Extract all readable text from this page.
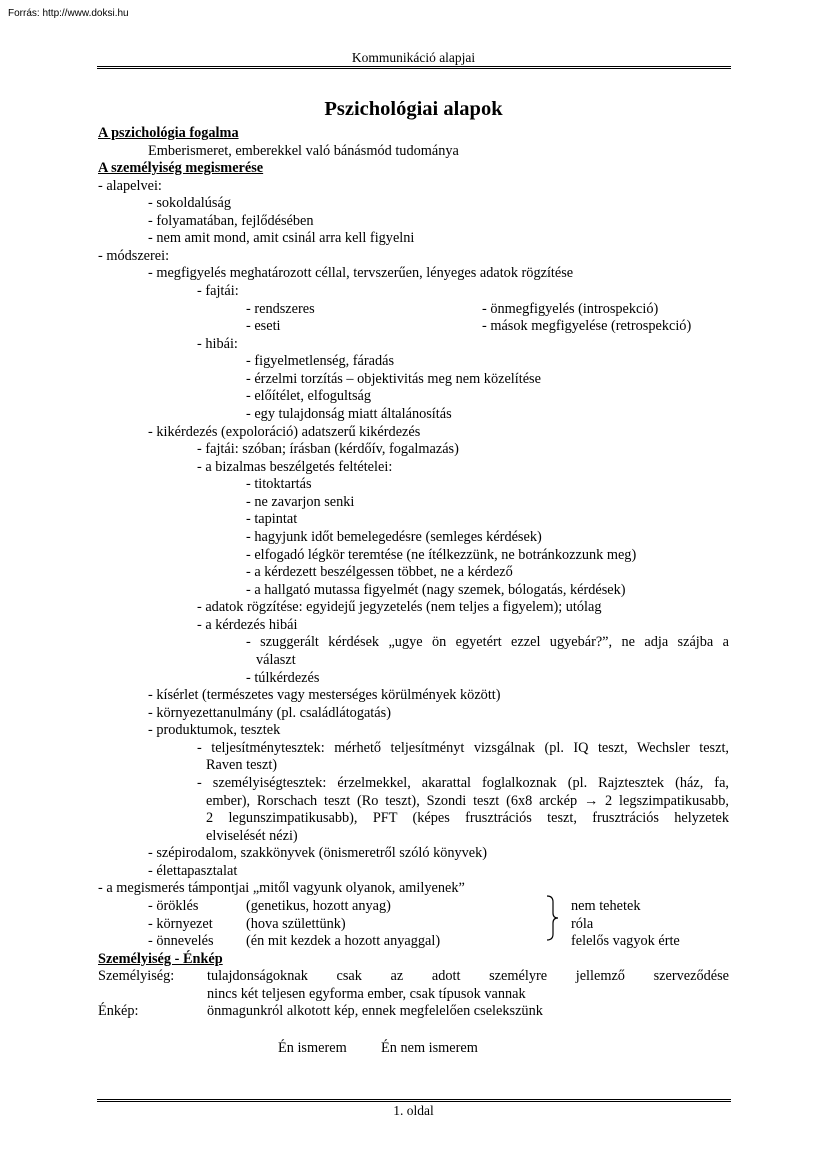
Forrás: http://www.doksi.hu
Kommunikáció alapjai
Pszichológiai alapok
A pszichológia fogalma
Emberismeret, emberekkel való bánásmód tudománya
A személyiség megismerése
- alapelvei:
- sokoldalúság
- folyamatában, fejlődésében
- nem amit mond, amit csinál arra kell figyelni
- módszerei:
- megfigyelés meghatározott céllal, tervszerűen, lényeges adatok rögzítése
- fajtái:
- rendszeres	- önmegfigyelés (introspekció)
- eseti	- mások megfigyelése (retrospekció)
- hibái:
- figyelmetlenség, fáradás
- érzelmi torzítás – objektivitás meg nem közelítése
- előítélet, elfogultság
- egy tulajdonság miatt általánosítás
- kikérdezés (expoloráció) adatszerű kikérdezés
- fajtái: szóban; írásban (kérdőív, fogalmazás)
- a bizalmas beszélgetés feltételei:
- titoktartás
- ne zavarjon senki
- tapintat
- hagyjunk időt bemelegedésre (semleges kérdések)
- elfogadó légkör teremtése (ne ítélkezzünk, ne botránkozzunk meg)
- a kérdezett beszélgessen többet, ne a kérdező
- a hallgató mutassa figyelmét (nagy szemek, bólogatás, kérdések)
- adatok rögzítése: egyidejű jegyzetelés (nem teljes a figyelem); utólag
- a kérdezés hibái
- szuggerált kérdések „ugye ön egyetért ezzel ugyebár?”, ne adja szájba a
választ
- túlkérdezés
- kísérlet (természetes vagy mesterséges körülmények között)
- környezettanulmány (pl. családlátogatás)
- produktumok, tesztek
- teljesítménytesztek: mérhető teljesítményt vizsgálnak (pl. IQ teszt, Wechsler teszt,
Raven teszt)
- személyiségtesztek: érzelmekkel, akarattal foglalkoznak (pl. Rajztesztek (ház, fa,
ember), Rorschach teszt (Ro teszt), Szondi teszt (6x8 arckép → 2 legszimpatikusabb,
2 legunszimpatikusabb), PFT (képes frusztrációs teszt, frusztrációs helyzetek
elviselését nézi)
- szépirodalom, szakkönyvek (önismeretről szóló könyvek)
- élettapasztalat
- a megismerés támpontjai „mitől vagyunk olyanok, amilyenek”
- öröklés	(genetikus, hozott anyag)	nem tehetek
- környezet (hova születtünk)	róla
- önnevelés (én mit kezdek a hozott anyaggal)	felelős vagyok érte
Személyiség - Énkép
Személyiség: tulajdonságoknak csak az adott személyre jellemző szerveződése
nincs két teljesen egyforma ember, csak típusok vannak
Énkép:	önmagunkról alkotott kép, ennek megfelelően cselekszünk
Én ismerem Én nem ismerem
1. oldal
